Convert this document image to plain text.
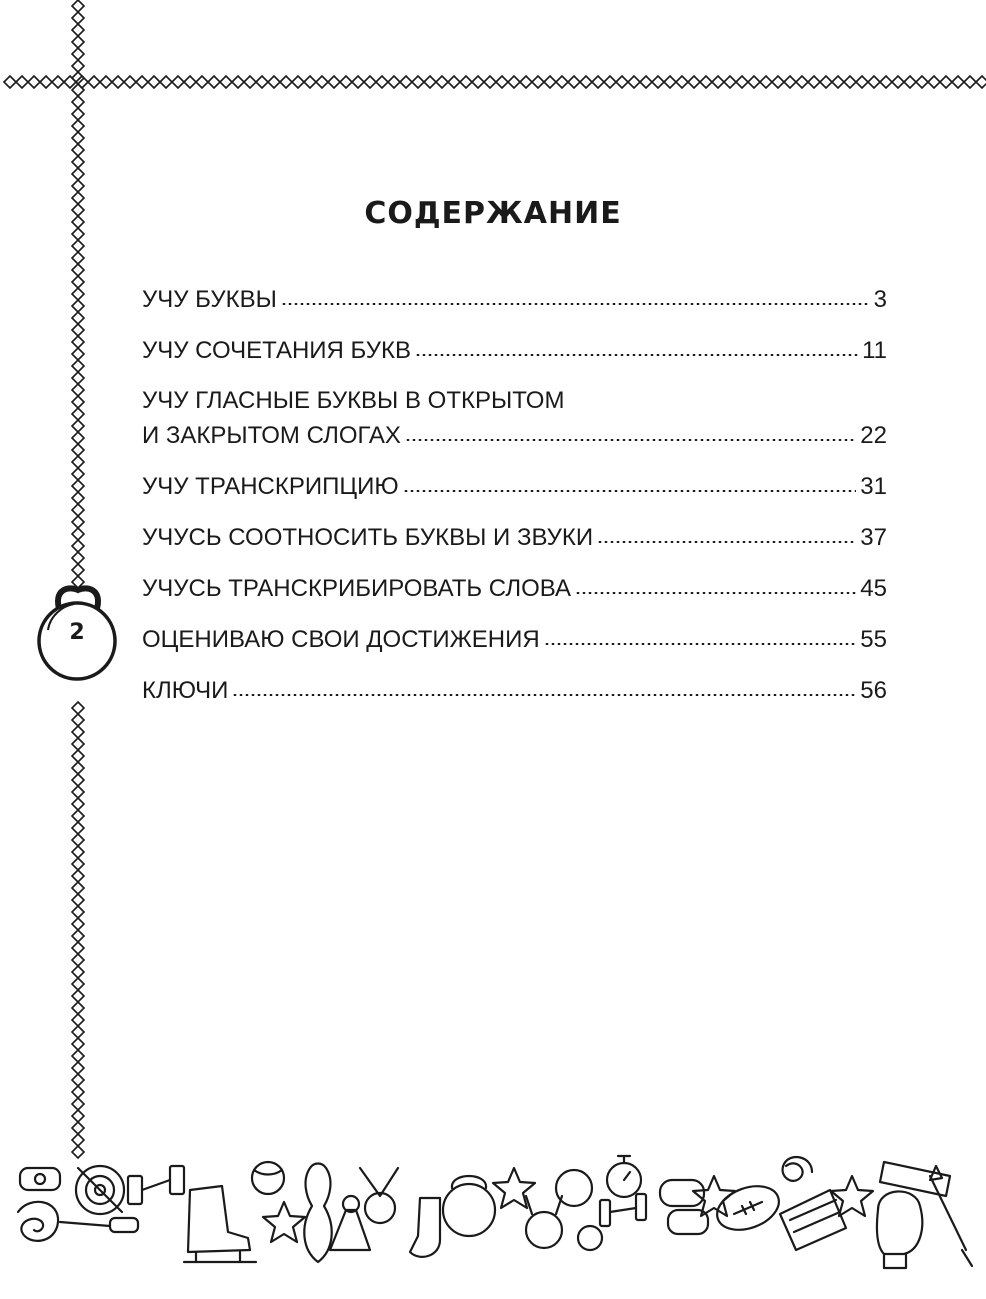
СОДЕРЖАНИЕ
УЧУ БУКВЫ	3
УЧУ СОЧЕТАНИЯ БУКВ	11
УЧУ ГЛАСНЫЕ БУКВЫ В ОТКРЫТОМ
И ЗАКРЫТОМ СЛОГАХ	22
УЧУ ТРАНСКРИПЦИЮ	31
УЧУСЬ СООТНОСИТЬ БУКВЫ И ЗВУКИ	37
УЧУСЬ ТРАНСКРИБИРОВАТЬ СЛОВА	45
ОЦЕНИВАЮ СВОИ ДОСТИЖЕНИЯ	55
КЛЮЧИ	56
2
